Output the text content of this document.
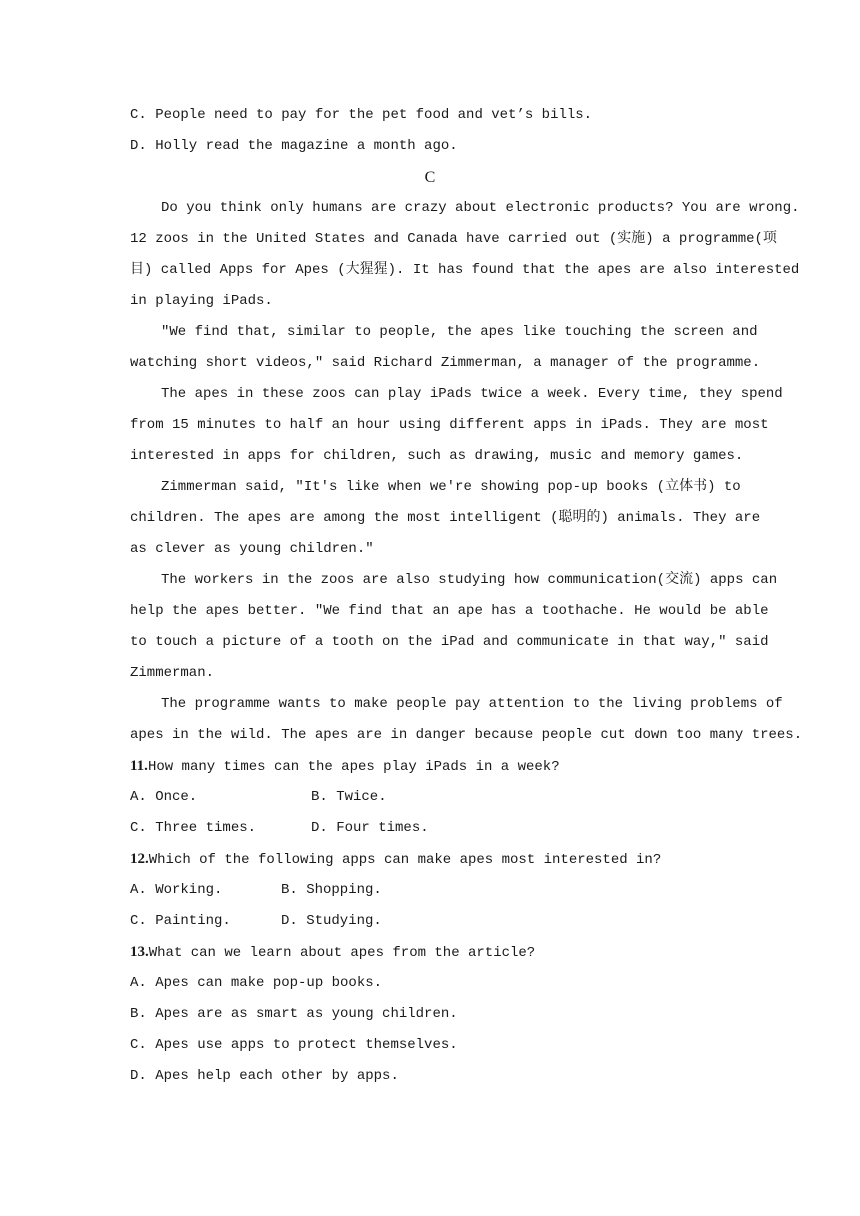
C. People need to pay for the pet food and vet’s bills.
D. Holly read the magazine a month ago.
C
Do you think only humans are crazy about electronic products? You are wrong.
12 zoos in the United States and Canada have carried out (实施) a programme(项
目) called Apps for Apes (大猩猩). It has found that the apes are also interested
in playing iPads.
"We find that, similar to people, the apes like touching the screen and
watching short videos," said Richard Zimmerman, a manager of the programme.
The apes in these zoos can play iPads twice a week. Every time, they spend
from 15 minutes to half an hour using different apps in iPads. They are most
interested in apps for children, such as drawing, music and memory games.
Zimmerman said, "It's like when we're showing pop-up books (立体书) to
children. The apes are among the most intelligent (聪明的) animals. They are
as clever as young children."
The workers in the zoos are also studying how communication(交流) apps can
help the apes better. "We find that an ape has a toothache. He would be able
to touch a picture of a tooth on the iPad and communicate in that way," said
Zimmerman.
The programme wants to make people pay attention to the living problems of
apes in the wild. The apes are in danger because people cut down too many trees.
11.How many times can the apes play iPads in a week?
A. Once.	B. Twice.
C. Three times.	D. Four times.
12.Which of the following apps can make apes most interested in?
A. Working.	B. Shopping.
C. Painting.	D. Studying.
13.What can we learn about apes from the article?
A. Apes can make pop-up books.
B. Apes are as smart as young children.
C. Apes use apps to protect themselves.
D. Apes help each other by apps.
